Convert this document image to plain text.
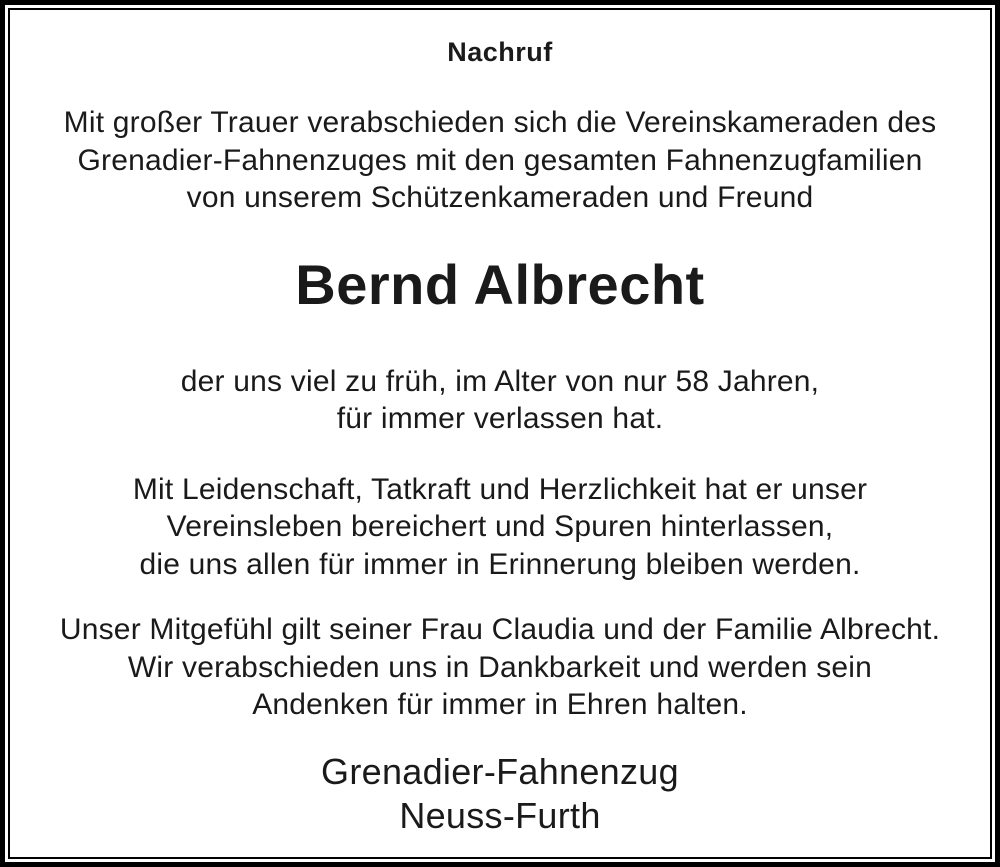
Nachruf
Mit großer Trauer verabschieden sich die Vereinskameraden des
Grenadier-Fahnenzuges mit den gesamten Fahnenzugfamilien
von unserem Schützenkameraden und Freund
Bernd Albrecht
der uns viel zu früh, im Alter von nur 58 Jahren,
für immer verlassen hat.
Mit Leidenschaft, Tatkraft und Herzlichkeit hat er unser
Vereinsleben bereichert und Spuren hinterlassen,
die uns allen für immer in Erinnerung bleiben werden.
Unser Mitgefühl gilt seiner Frau Claudia und der Familie Albrecht.
Wir verabschieden uns in Dankbarkeit und werden sein
Andenken für immer in Ehren halten.
Grenadier-Fahnenzug
Neuss-Furth
